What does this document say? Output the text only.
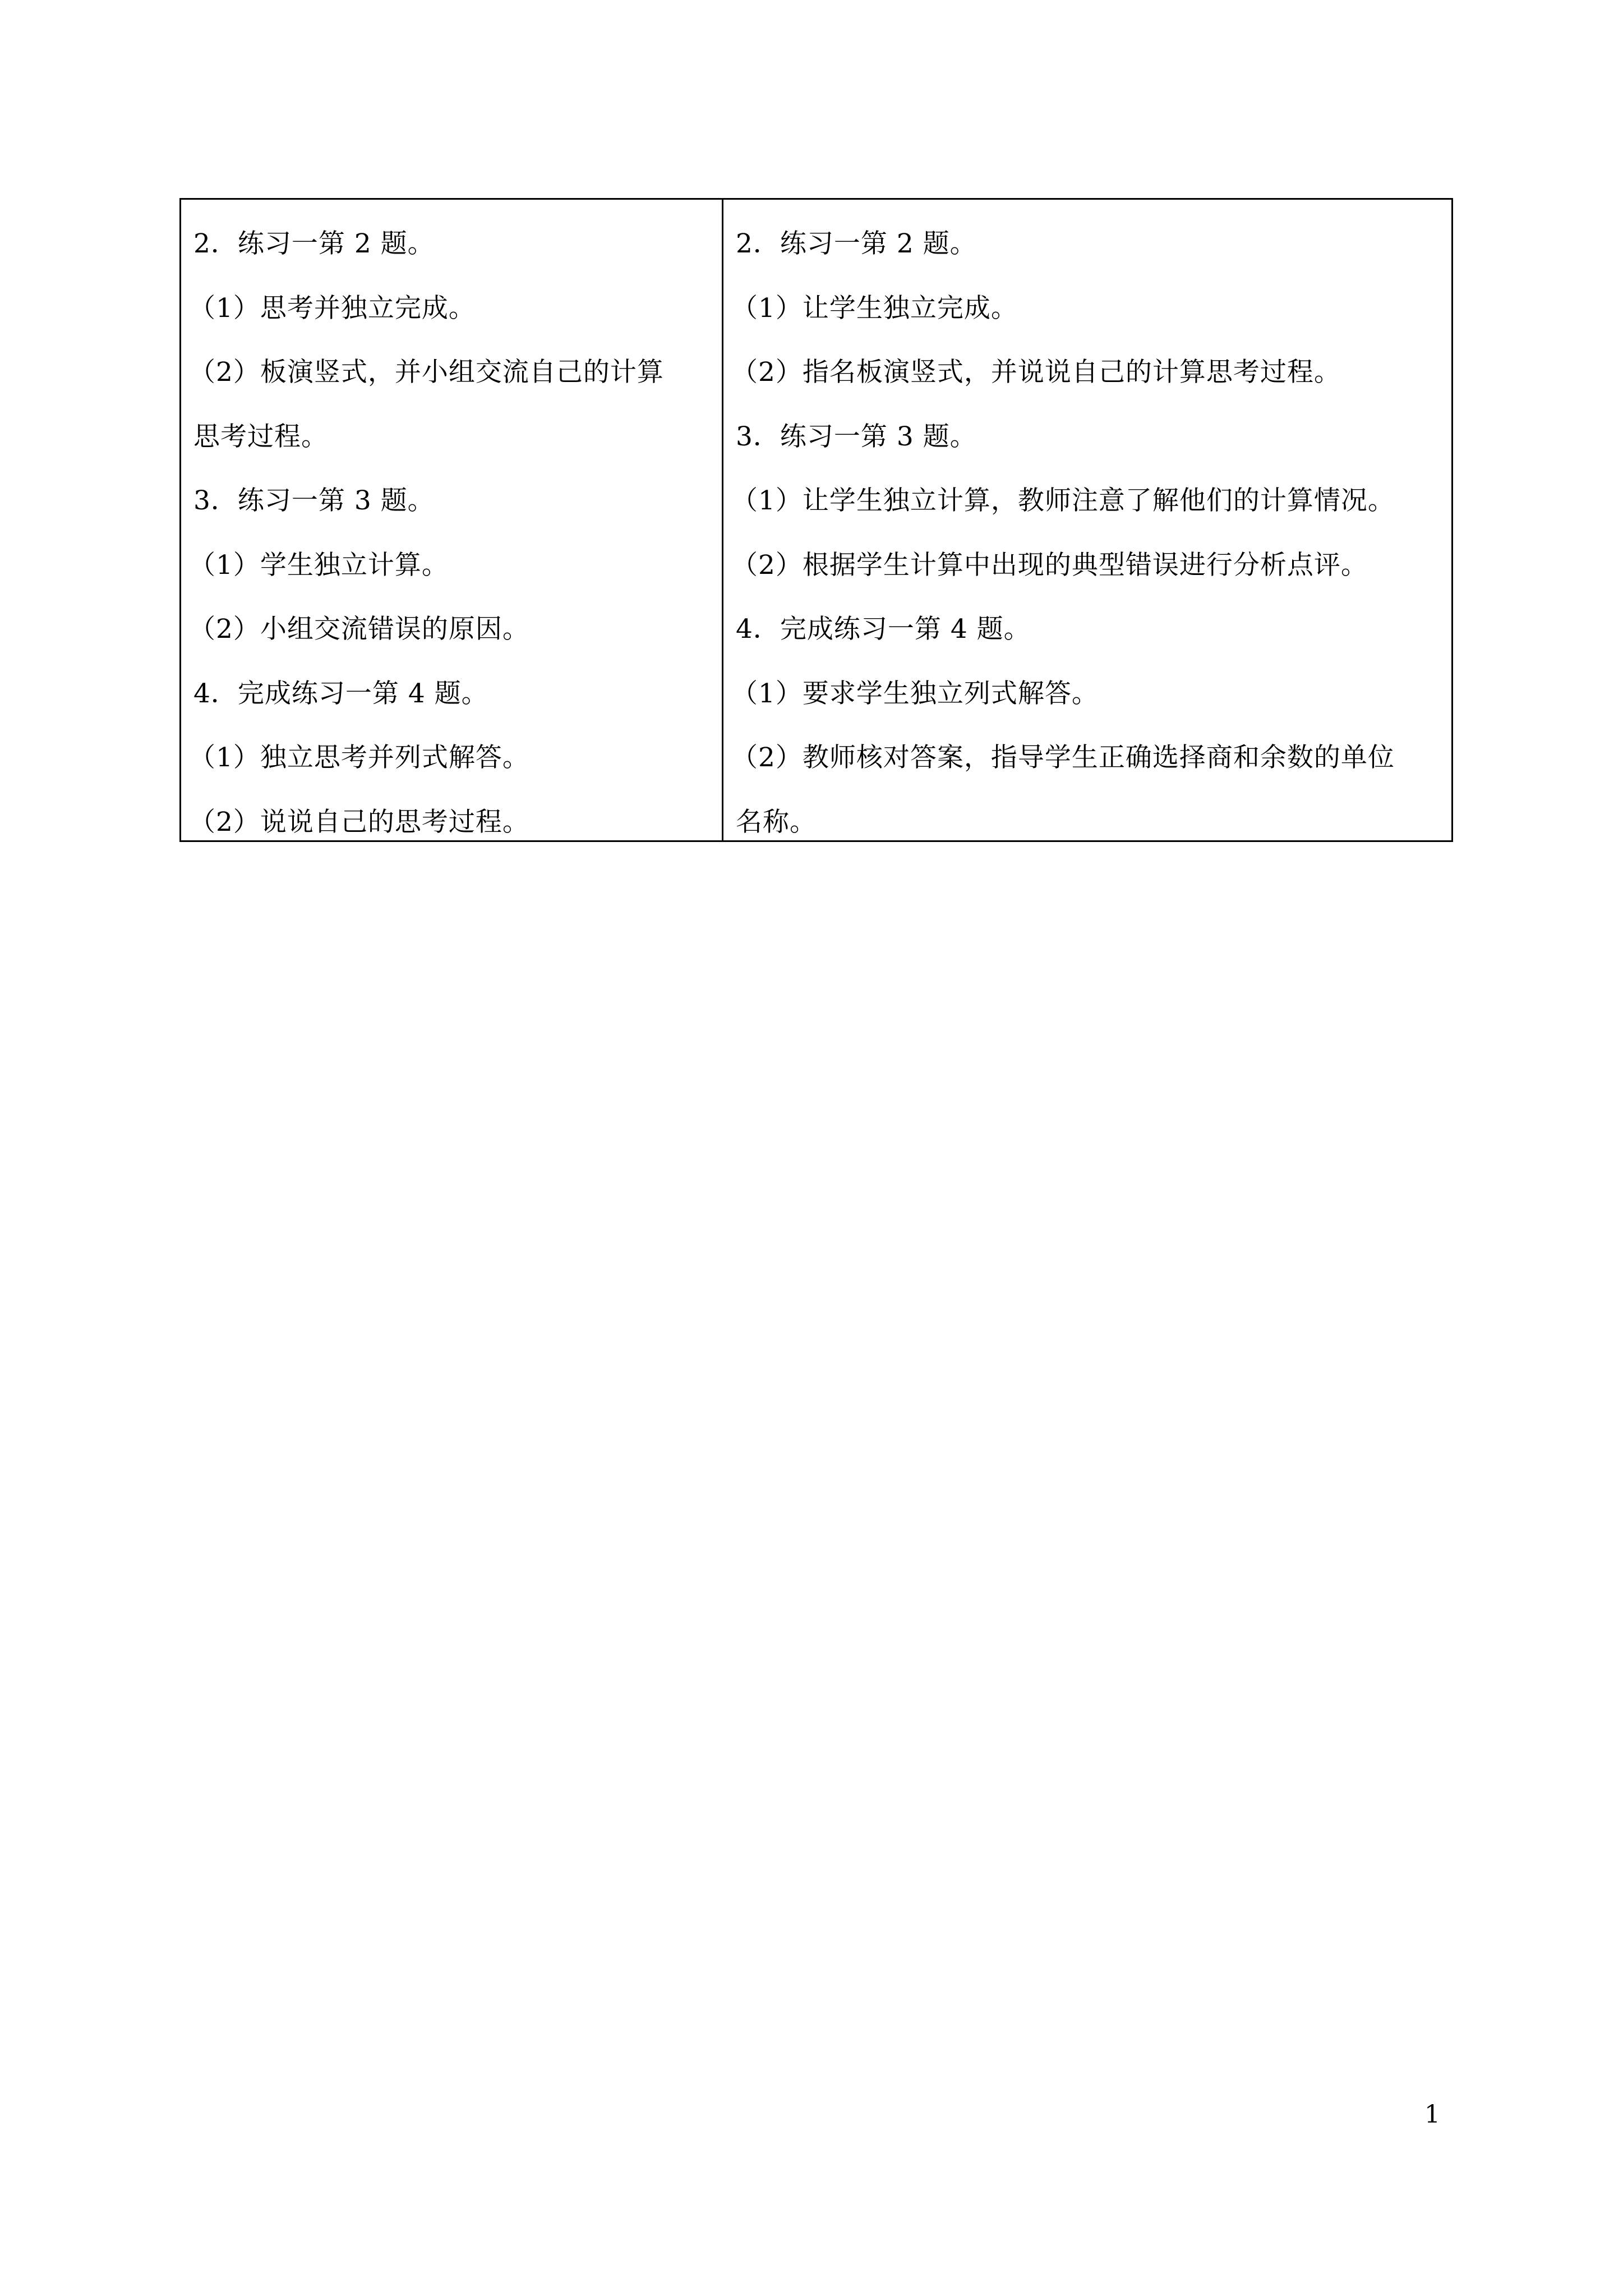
2．练习一第 2 题。
（1）思考并独立完成。
（2）板演竖式，并小组交流自己的计算
思考过程。
3．练习一第 3 题。
（1）学生独立计算。
（2）小组交流错误的原因。
4．完成练习一第 4 题。
（1）独立思考并列式解答。
（2）说说自己的思考过程。
2．练习一第 2 题。
（1）让学生独立完成。
（2）指名板演竖式，并说说自己的计算思考过程。
3．练习一第 3 题。
（1）让学生独立计算，教师注意了解他们的计算情况。
（2）根据学生计算中出现的典型错误进行分析点评。
4．完成练习一第 4 题。
（1）要求学生独立列式解答。
（2）教师核对答案，指导学生正确选择商和余数的单位
名称。
1
